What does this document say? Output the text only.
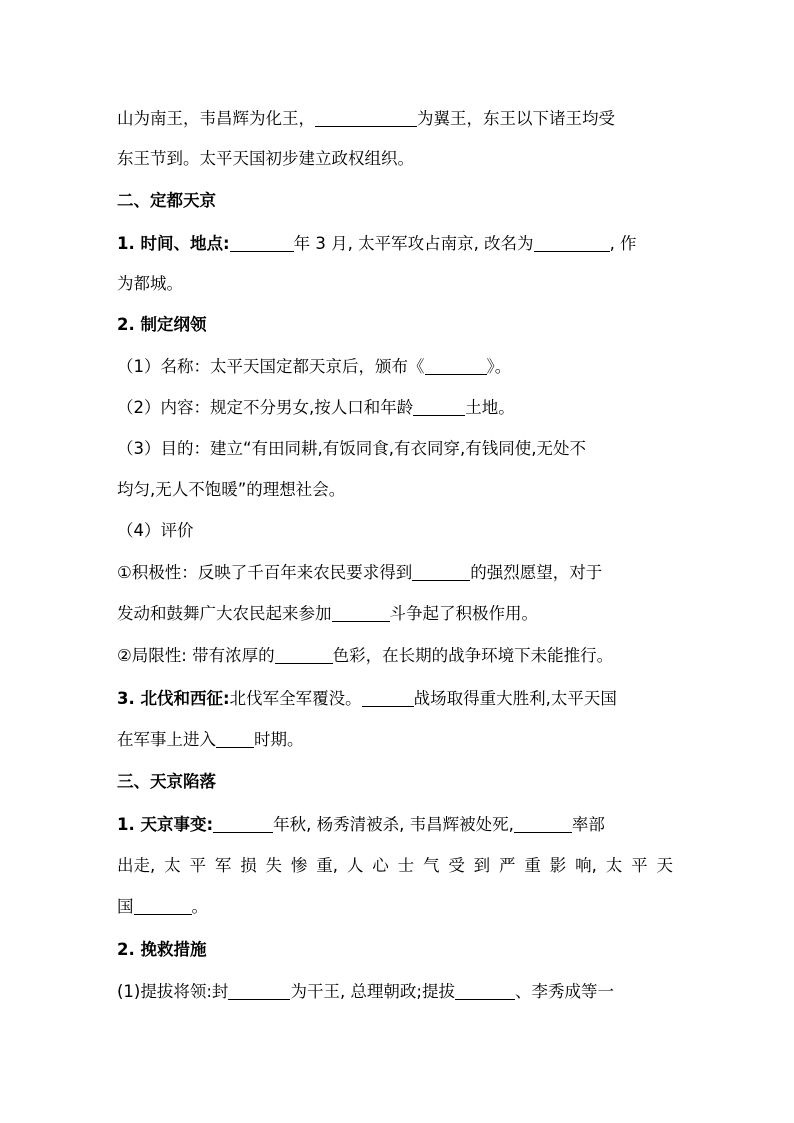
山为南王，韦昌辉为化王，	为翼王，东王以下诸王均受
东王节到。太平天国初步建立政权组织。
二、定都天京
1. 时间、地点:	年 3 月, 太平军攻占南京, 改名为	, 作
为都城。
2. 制定纲领
（1）名称：太平天国定都天京后，颁布《	》。
（2）内容：规定不分男女,按人口和年龄	土地。
（3）目的：建立“有田同耕,有饭同食,有衣同穿,有钱同使,无处不
均匀,无人不饱暖”的理想社会。
（4）评价
①积极性：反映了千百年来农民要求得到	的强烈愿望，对于
发动和鼓舞广大农民起来参加	斗争起了积极作用。
②局限性: 带有浓厚的	色彩，在长期的战争环境下未能推行。
3. 北伐和西征:北伐军全军覆没。	战场取得重大胜利,太平天国
在军事上进入 时期。
三、天京陷落
1. 天京事变:	年秋, 杨秀清被杀, 韦昌辉被处死,	率部
出走, 太 平 军 损 失 惨 重, 人 心 士 气 受 到 严 重 影 响, 太 平 天
国	。
2. 挽救措施
(1)提拔将领:封	为干王, 总理朝政;提拔	、李秀成等一
